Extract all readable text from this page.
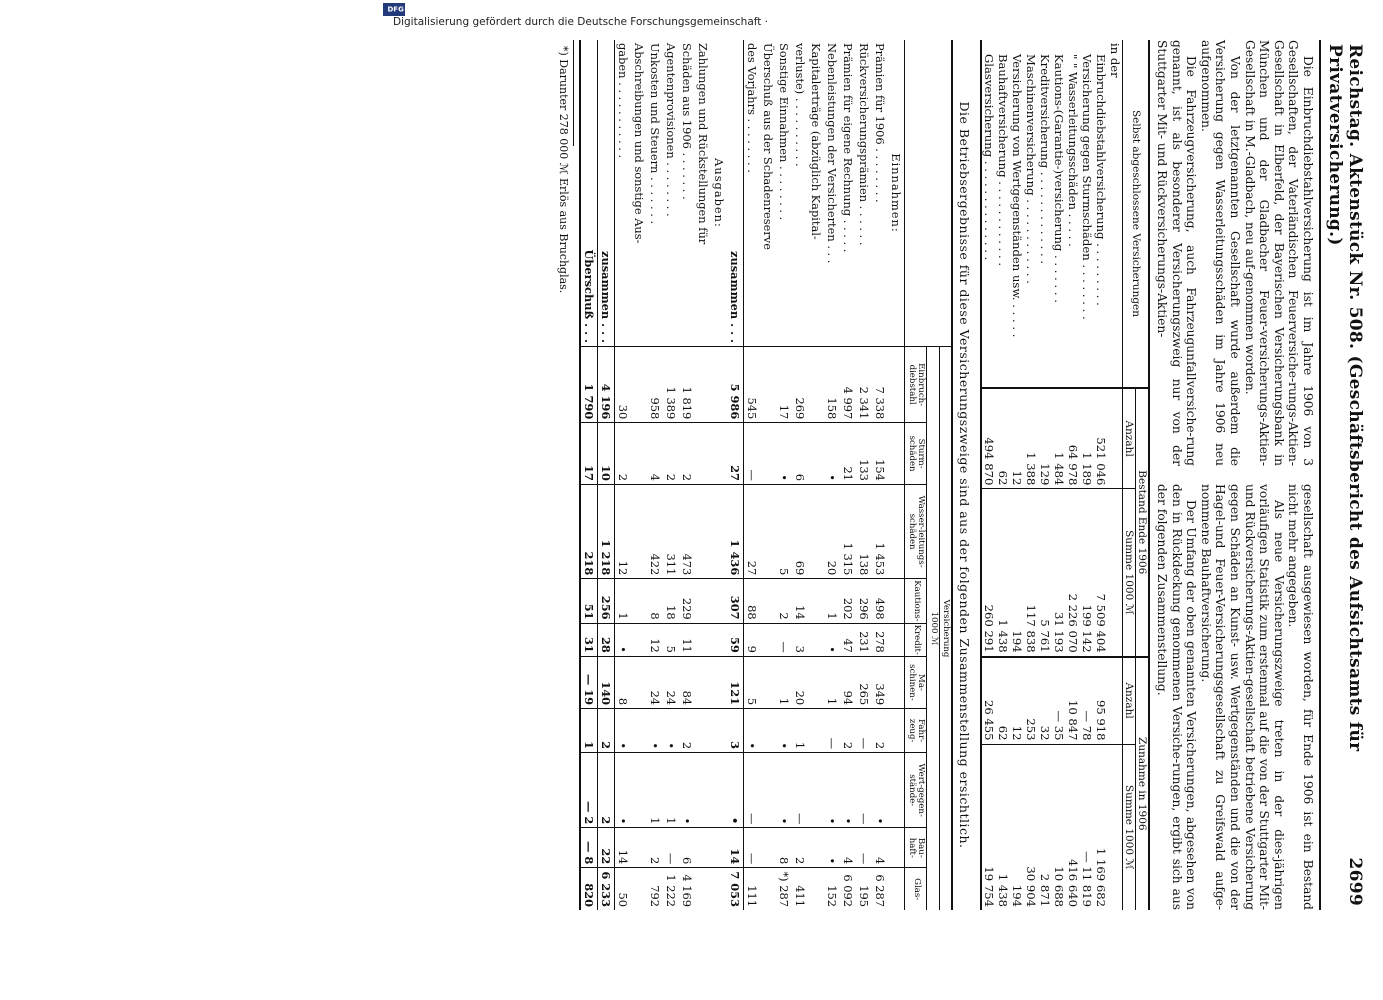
Reichstag. Aktenstück Nr. 508. (Geschäftsbericht des Aufsichtsamts für Privatversicherung.)
2699

Die Einbruchdiebstahlversicherung ist im Jahre 1906 von 3 Gesellschaften, der Vaterländischen Feuerversiche-rungs-Aktien-Gesellschaft in Elberfeld, der Bayerischen Versicherungsbank in München und der Gladbacher Feuer-versicherungs-Aktien-Gesellschaft in M.-Gladbach, neu auf-genommen worden.

Von der letztgenannten Gesellschaft wurde außerdem die Versicherung gegen Wasserleitungsschäden im Jahre 1906 neu aufgenommen.

Die Fahrzeugversicherung, auch Fahrzeugunfallversiche-rung genannt, ist als besonderer Versicherungszweig nur von der Stuttgarter Mit- und Rückversicherungs-Aktien-

gesellschaft ausgewiesen worden, für Ende 1906 ist ein Bestand nicht mehr angegeben.

Als neue Versicherungszweige treten in der dies-jährigen vorläufigen Statistik zum erstenmal auf die von der Stuttgarter Mit- und Rückversicherungs-Aktien-gesellschaft betriebene Versicherung gegen Schäden an Kunst- usw. Wertgegenständen und die von der Hagel-und Feuer-Versicherungsgesellschaft zu Greifswald aufge-nommene Bauhaftversicherung.

Der Umfang der oben genannten Versicherungen, abgesehen von den in Rückdeckung genommenen Versiche-rungen, ergibt sich aus der folgenden Zusammenstellung.

Selbst abgeschlossene Versicherungen	Bestand Ende 1906		Zunahme in 1906	
	Anzahl	Summe 1000 ℳ	Anzahl	Summe 1000 ℳ
in der				
Einbruchdiebstahlversicherung . . . . . . . . .	521 046	7 509 404	95 918	1 169 682
Versicherung gegen Sturmschäden . . . . . . . .	1 189	199 142	— 78	— 11 819
" " Wasserleitungsschäden . . . . .	64 978	2 226 070	10 847	416 640
Kautions-(Garantie-)versicherung . . . . . . .	1 484	31 193	— 35	10 688
Kreditversicherung . . . . . . . . . . . . .	129	5 761	32	2 871
Maschinenversicherung . . . . . . . . . . . .	1 388	117 838	253	30 904
Versicherung von Wertgegenständen usw. . . . . .	12	194	12	194
Bauhaftversicherung . . . . . . . . . . . .	62	1 438	62	1 438
Glasversicherung . . . . . . . . . . . . . .	494 870	260 291	26 455	19 754
Die Betriebsergebnisse für diese Versicherungszweige sind aus der folgenden Zusammenstellung ersichtlich.
	Versicherung									
	1000 ℳ									
	Einbruch-diebstahl	Sturm-schäden	Wasser-leitungs-schäden	Kautions-	Kredit-	Ma-schinen-	Fahr-zeug-	Wert-gegen-stände-	Bau-haft-	Glas-
Einnahmen:										
Prämien für 1906 . . . . . . . .	7 338	154	1 453	498	278	349	2	•	4	6 287
Rückversicherungsprämien . . . . . .	2 341	133	138	296	231	265	—	—	—	195
Prämien für eigene Rechnung . . . . .	4 997	21	1 315	202	47	94	2	•	4	6 092
Nebenleistungen der Versicherten . . .	158	•	20	1	•	1	—	•	•	152
Kapitalerträge (abzüglich Kapital-										
verluste) . . . . . . . . . .	269	6	69	14	3	20	1	—	2	411
Sonstige Einnahmen . . . . . . . .	17	•	5	2	—	1	•	•	8	*) 287
Überschuß aus der Schadenreserve										
des Vorjahrs . . . . . . . .	545	—	27	88	9	5	•	—	—	111
zusammen . . .	5 986	27	1 436	307	59	121	3	•	14	7 053
Ausgaben:										
Zahlungen und Rückstellungen für										
Schäden aus 1906 . . . . . . .	1 819	2	473	229	11	84	2	•	6	4 169
Agentenprovisionen . . . . . . . .	1 389	2	311	18	5	24	•	1	—	1 222
Unkosten und Steuern . . . . . . .	958	4	422	8	12	24	•	1	2	792
Abschreibungen und sonstige Aus-										
gaben . . . . . . . . . . .	30	2	12	1	•	8	•	•	14	50
zusammen . . .	4 196	10	1 218	256	28	140	2	2	22	6 233
Überschuß . . .	1 790	17	218	51	31	— 19	1	— 2	— 8	820
*) Darunter 278 000 ℳ Erlös aus Bruchglas.
Digitalisierung gefördert durch die Deutsche Forschungsgemeinschaft ·
DFG
